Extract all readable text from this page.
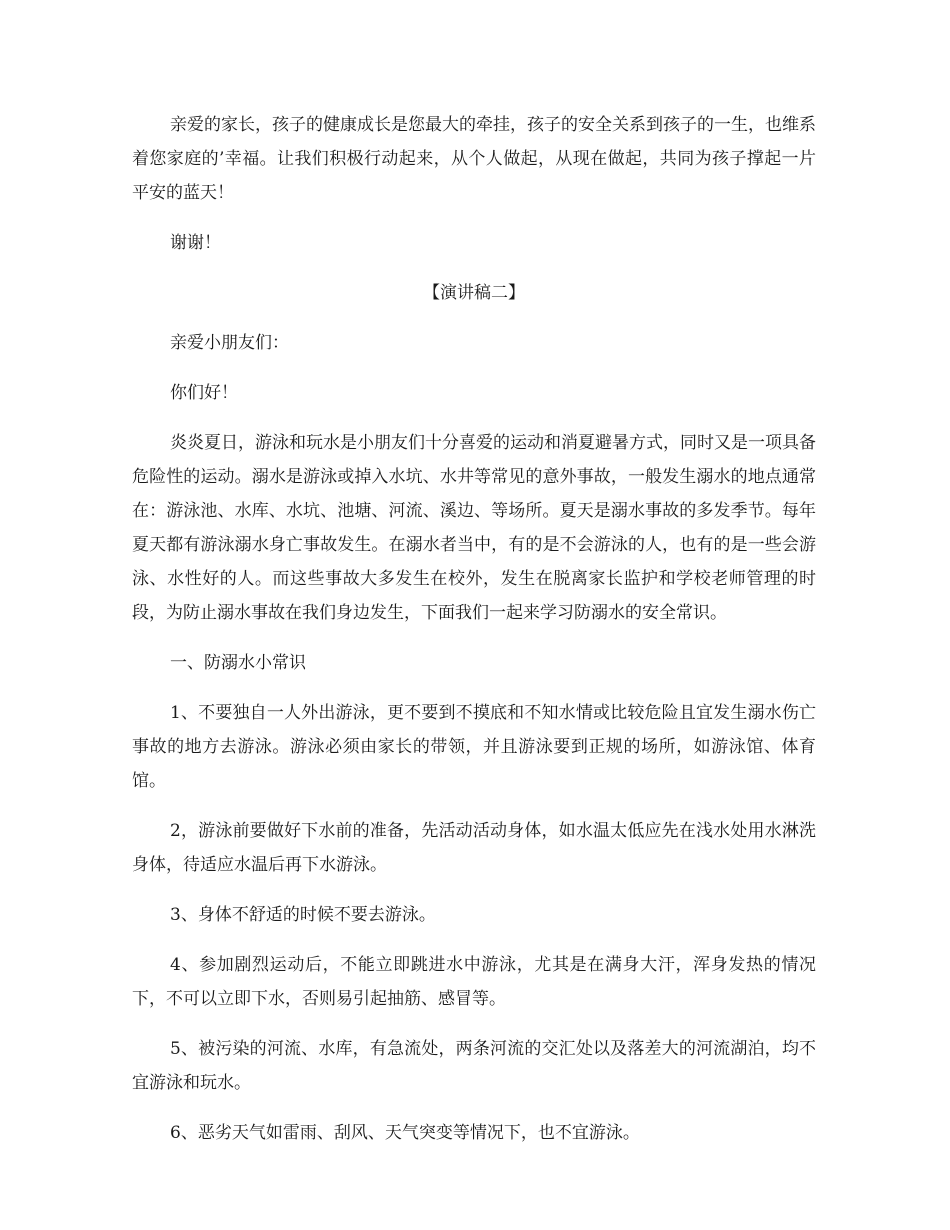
亲爱的家长，孩子的健康成长是您最大的牵挂，孩子的安全关系到孩子的一生，也维系着您家庭的’幸福。让我们积极行动起来，从个人做起，从现在做起，共同为孩子撑起一片平安的蓝天！

谢谢！

【演讲稿二】

亲爱小朋友们：

你们好！

炎炎夏日，游泳和玩水是小朋友们十分喜爱的运动和消夏避暑方式，同时又是一项具备危险性的运动。溺水是游泳或掉入水坑、水井等常见的意外事故，一般发生溺水的地点通常在：游泳池、水库、水坑、池塘、河流、溪边、等场所。夏天是溺水事故的多发季节。每年夏天都有游泳溺水身亡事故发生。在溺水者当中，有的是不会游泳的人，也有的是一些会游泳、水性好的人。而这些事故大多发生在校外，发生在脱离家长监护和学校老师管理的时段，为防止溺水事故在我们身边发生，下面我们一起来学习防溺水的安全常识。

一、防溺水小常识

1、不要独自一人外出游泳，更不要到不摸底和不知水情或比较危险且宜发生溺水伤亡事故的地方去游泳。游泳必须由家长的带领，并且游泳要到正规的场所，如游泳馆、体育馆。

2，游泳前要做好下水前的准备，先活动活动身体，如水温太低应先在浅水处用水淋洗身体，待适应水温后再下水游泳。

3、身体不舒适的时候不要去游泳。

4、参加剧烈运动后，不能立即跳进水中游泳，尤其是在满身大汗，浑身发热的情况下，不可以立即下水，否则易引起抽筋、感冒等。

5、被污染的河流、水库，有急流处，两条河流的交汇处以及落差大的河流湖泊，均不宜游泳和玩水。

6、恶劣天气如雷雨、刮风、天气突变等情况下，也不宜游泳。
